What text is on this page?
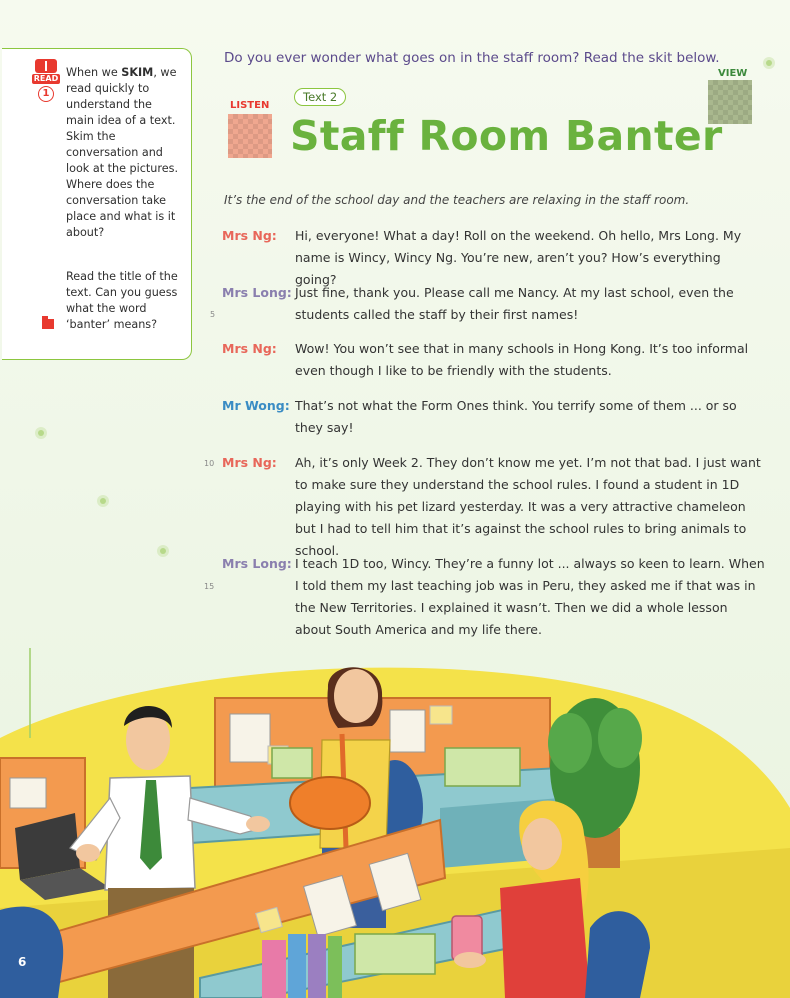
READ
1

When we SKIM, we read quickly to understand the main idea of a text. Skim the conversation and look at the pictures. Where does the conversation take place and what is it about?

Read the title of the text. Can you guess what the word ‘banter’ means?

Do you ever wonder what goes on in the staff room? Read the skit below.

VIEW
LISTEN
Text 2
Staff Room Banter

It’s the end of the school day and the teachers are relaxing in the staff room.

Mrs Ng: Hi, everyone! What a day! Roll on the weekend. Oh hello, Mrs Long. My name is Wincy, Wincy Ng. You’re new, aren’t you? How’s everything going?

Mrs Long: Just fine, thank you. Please call me Nancy. At my last school, even the students called the staff by their first names!

5
Mrs Ng: Wow! You won’t see that in many schools in Hong Kong. It’s too informal even though I like to be friendly with the students.

Mr Wong: That’s not what the Form Ones think. You terrify some of them ... or so they say!

10 Mrs Ng: Ah, it’s only Week 2. They don’t know me yet. I’m not that bad. I just want to make sure they understand the school rules. I found a student in 1D playing with his pet lizard yesterday. It was a very attractive chameleon but I had to tell him that it’s against the school rules to bring animals to school.

15
Mrs Long: I teach 1D too, Wincy. They’re a funny lot ... always so keen to learn. When I told them my last teaching job was in Peru, they asked me if that was in the New Territories. I explained it wasn’t. Then we did a whole lesson about South America and my life there.

6
